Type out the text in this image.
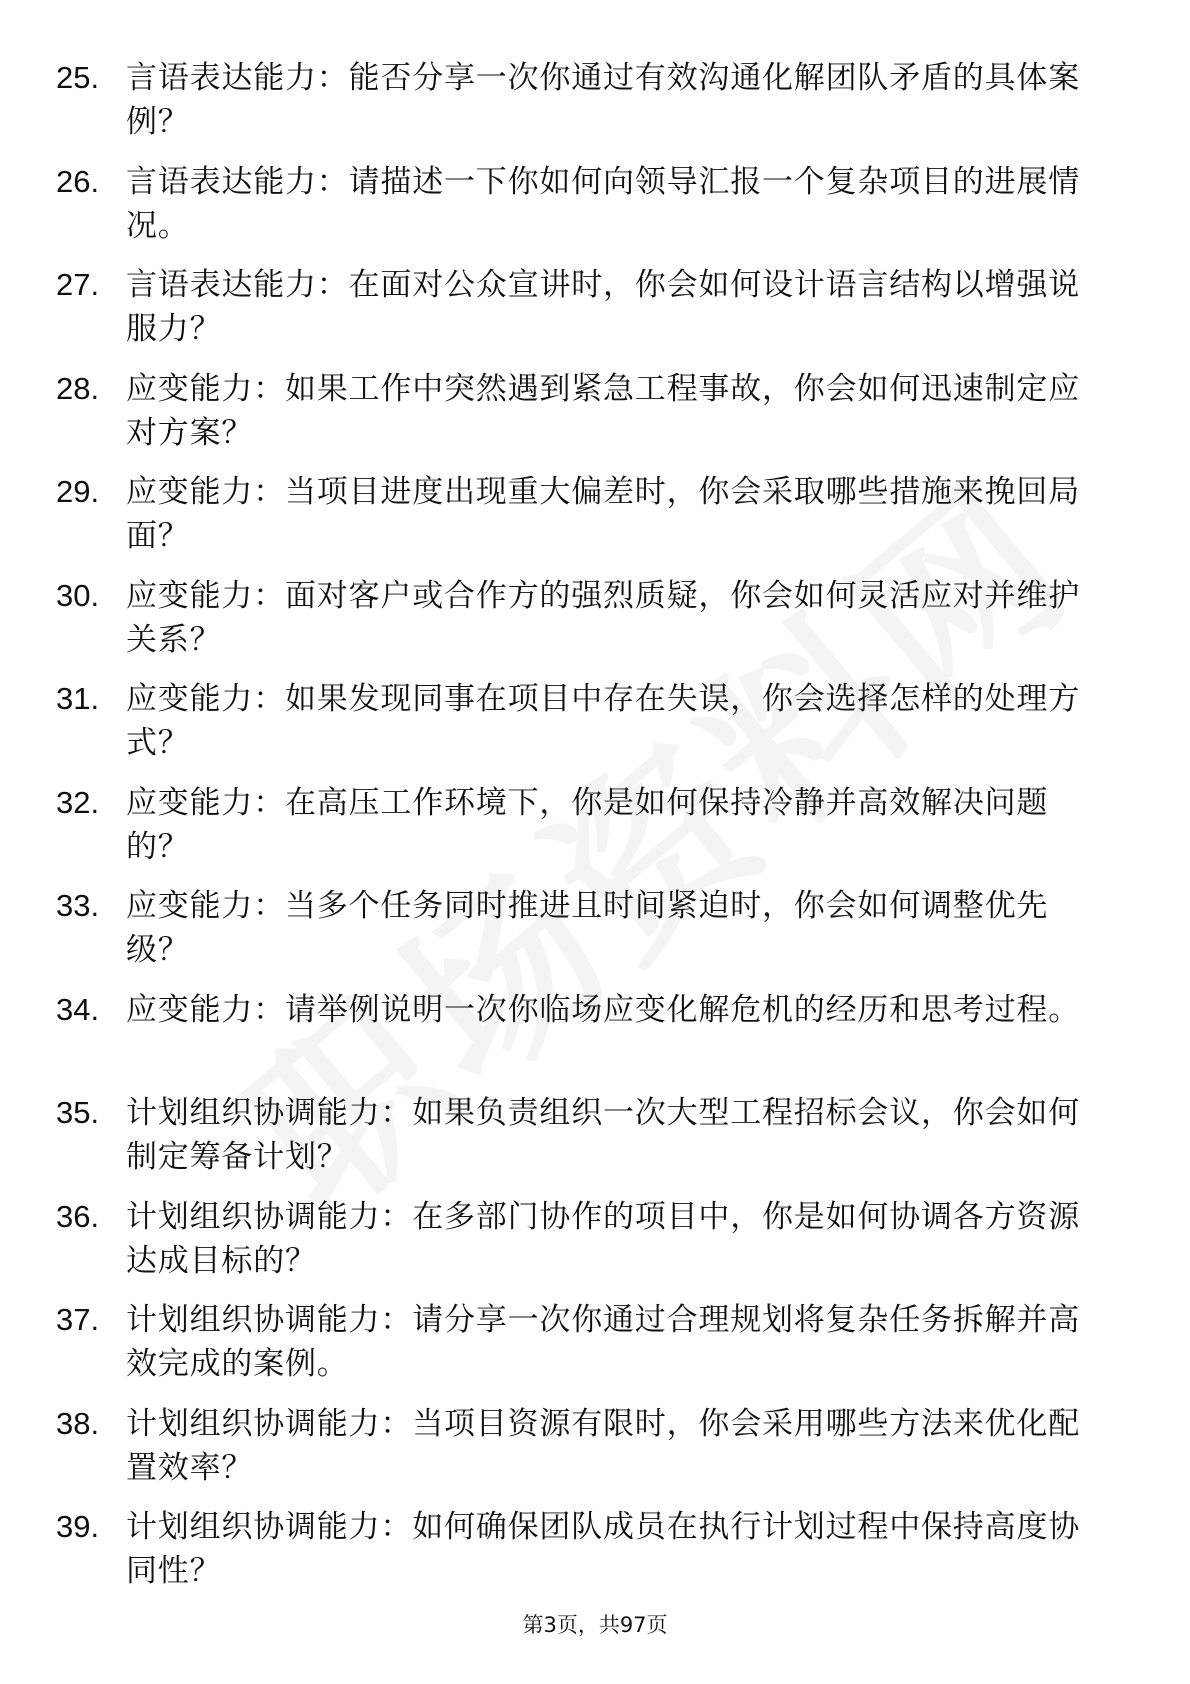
25. 言语表达能力：能否分享一次你通过有效沟通化解团队矛盾的具体案例？
26. 言语表达能力：请描述一下你如何向领导汇报一个复杂项目的进展情况。
27. 言语表达能力：在面对公众宣讲时，你会如何设计语言结构以增强说服力？
28. 应变能力：如果工作中突然遇到紧急工程事故，你会如何迅速制定应对方案？
29. 应变能力：当项目进度出现重大偏差时，你会采取哪些措施来挽回局面？
30. 应变能力：面对客户或合作方的强烈质疑，你会如何灵活应对并维护关系？
31. 应变能力：如果发现同事在项目中存在失误，你会选择怎样的处理方式？
32. 应变能力：在高压工作环境下，你是如何保持冷静并高效解决问题的？
33. 应变能力：当多个任务同时推进且时间紧迫时，你会如何调整优先级？
34. 应变能力：请举例说明一次你临场应变化解危机的经历和思考过程。
35. 计划组织协调能力：如果负责组织一次大型工程招标会议，你会如何制定筹备计划？
36. 计划组织协调能力：在多部门协作的项目中，你是如何协调各方资源达成目标的？
37. 计划组织协调能力：请分享一次你通过合理规划将复杂任务拆解并高效完成的案例。
38. 计划组织协调能力：当项目资源有限时，你会采用哪些方法来优化配置效率？
39. 计划组织协调能力：如何确保团队成员在执行计划过程中保持高度协同性？
第3页，共97页
